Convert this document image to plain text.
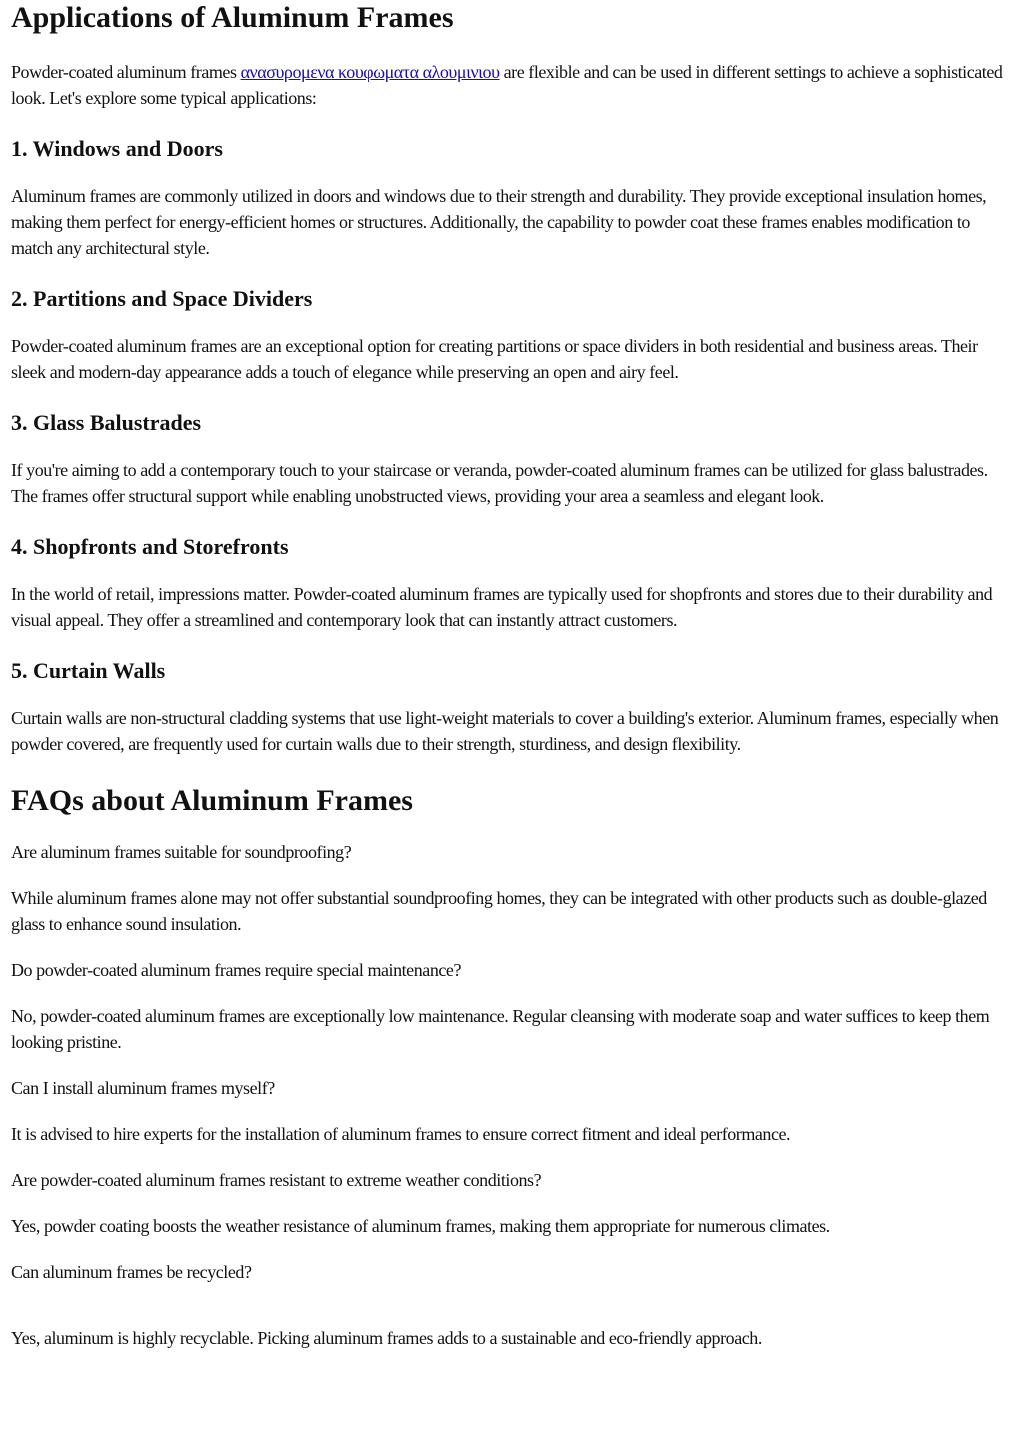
Applications of Aluminum Frames

Powder-coated aluminum frames ανασυρομενα κουφωματα αλουμινιου are flexible and can be used in different settings to achieve a sophisticated look. Let's explore some typical applications:

1. Windows and Doors

Aluminum frames are commonly utilized in doors and windows due to their strength and durability. They provide exceptional insulation homes, making them perfect for energy-efficient homes or structures. Additionally, the capability to powder coat these frames enables modification to match any architectural style.

2. Partitions and Space Dividers

Powder-coated aluminum frames are an exceptional option for creating partitions or space dividers in both residential and business areas. Their sleek and modern-day appearance adds a touch of elegance while preserving an open and airy feel.

3. Glass Balustrades

If you're aiming to add a contemporary touch to your staircase or veranda, powder-coated aluminum frames can be utilized for glass balustrades. The frames offer structural support while enabling unobstructed views, providing your area a seamless and elegant look.

4. Shopfronts and Storefronts

In the world of retail, impressions matter. Powder-coated aluminum frames are typically used for shopfronts and stores due to their durability and visual appeal. They offer a streamlined and contemporary look that can instantly attract customers.

5. Curtain Walls

Curtain walls are non-structural cladding systems that use light-weight materials to cover a building's exterior. Aluminum frames, especially when powder covered, are frequently used for curtain walls due to their strength, sturdiness, and design flexibility.

FAQs about Aluminum Frames

Are aluminum frames suitable for soundproofing?

While aluminum frames alone may not offer substantial soundproofing homes, they can be integrated with other products such as double-glazed glass to enhance sound insulation.

Do powder-coated aluminum frames require special maintenance?

No, powder-coated aluminum frames are exceptionally low maintenance. Regular cleansing with moderate soap and water suffices to keep them looking pristine.

Can I install aluminum frames myself?

It is advised to hire experts for the installation of aluminum frames to ensure correct fitment and ideal performance.

Are powder-coated aluminum frames resistant to extreme weather conditions?

Yes, powder coating boosts the weather resistance of aluminum frames, making them appropriate for numerous climates.

Can aluminum frames be recycled?

Yes, aluminum is highly recyclable. Picking aluminum frames adds to a sustainable and eco-friendly approach.
